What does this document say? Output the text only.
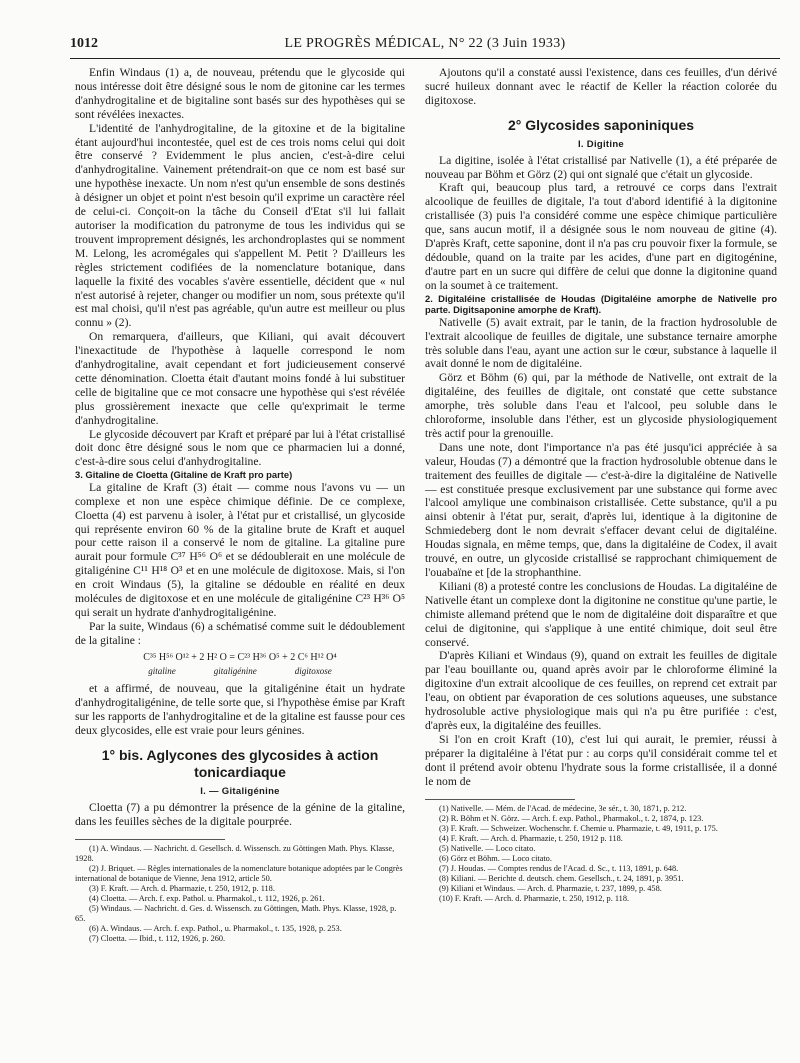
1012	LE PROGRÈS MÉDICAL, N° 22 (3 Juin 1933)

Enfin Windaus (1) a, de nouveau, prétendu que le glycoside qui nous intéresse doit être désigné sous le nom de gitonine car les termes d'anhydrogitaline et de bigitaline sont basés sur des hypothèses qui se sont révélées inexactes.

L'identité de l'anhydrogitaline, de la gitoxine et de la bigitaline étant aujourd'hui incontestée, quel est de ces trois noms celui qui doit être conservé ? Evidemment le plus ancien, c'est-à-dire celui d'anhydrogitaline. Vainement prétendrait-on que ce nom est basé sur une hypothèse inexacte. Un nom n'est qu'un ensemble de sons destinés à désigner un objet et point n'est besoin qu'il exprime un caractère réel de celui-ci. Conçoit-on la tâche du Conseil d'Etat s'il lui fallait autoriser la modification du patronyme de tous les individus qui se trouvent improprement désignés, les archondroplastes qui se nomment M. Lelong, les acromégales qui s'appellent M. Petit ? D'ailleurs les règles strictement codifiées de la nomenclature botanique, dans laquelle la fixité des vocables s'avère essentielle, décident que « nul n'est autorisé à rejeter, changer ou modifier un nom, sous prétexte qu'il est mal choisi, qu'il n'est pas agréable, qu'un autre est meilleur ou plus connu » (2).

On remarquera, d'ailleurs, que Kiliani, qui avait découvert l'inexactitude de l'hypothèse à laquelle correspond le nom d'anhydrogitaline, avait cependant et fort judicieusement conservé cette dénomination. Cloetta était d'autant moins fondé à lui substituer celle de bigitaline que ce mot consacre une hypothèse qui s'est révélée plus grossièrement inexacte que celle qu'exprimait le terme d'anhydrogitaline.

Le glycoside découvert par Kraft et préparé par lui à l'état cristallisé doit donc être désigné sous le nom que ce pharmacien lui a donné, c'est-à-dire sous celui d'anhydrogitaline.

3. Gitaline de Cloetta (Gitaline de Kraft pro parte)

La gitaline de Kraft (3) était — comme nous l'avons vu — un complexe et non une espèce chimique définie. De ce complexe, Cloetta (4) est parvenu à isoler, à l'état pur et cristallisé, un glycoside qui représente environ 60 % de la gitaline brute de Kraft et auquel pour cette raison il a conservé le nom de gitaline. La gitaline pure aurait pour formule C³⁷ H⁵⁶ O⁶ et se dédoublerait en une molécule de gitaligénine C¹¹ H¹⁸ O³ et en une molécule de digitoxose. Mais, si l'on en croit Windaus (5), la gitaline se dédouble en réalité en deux molécules de digitoxose et en une molécule de gitaligénine C²³ H³⁶ O⁵ qui serait un hydrate d'anhydrogitaligénine.

Par la suite, Windaus (6) a schématisé comme suit le dédoublement de la gitaline :

C³⁵ H⁵⁶ O¹² + 2 H² O = C²³ H³⁶ O⁵ + 2 C⁶ H¹² O⁴
gitaline	gitaligénine	digitoxose

et a affirmé, de nouveau, que la gitaligénine était un hydrate d'anhydrogitaligénine, de telle sorte que, si l'hypothèse émise par Kraft sur les rapports de l'anhydrogitaline et de la gitaline est fausse pour ces deux glycosides, elle est vraie pour leurs génines.

1° bis. Aglycones des glycosides à action tonicardiaque
I. — Gitaligénine

Cloetta (7) a pu démontrer la présence de la génine de la gitaline, dans les feuilles sèches de la digitale pourprée.

(1) A. Windaus. — Nachricht. d. Gesellsch. d. Wissensch. zu Göttingen Math. Phys. Klasse, 1928.

(2) J. Briquet. — Règles internationales de la nomenclature botanique adoptées par le Congrès international de botanique de Vienne, Jena 1912, article 50.

(3) F. Kraft. — Arch. d. Pharmazie, t. 250, 1912, p. 118.

(4) Cloetta. — Arch. f. exp. Pathol. u. Pharmakol., t. 112, 1926, p. 261.

(5) Windaus. — Nachricht. d. Ges. d. Wissensch. zu Göttingen, Math. Phys. Klasse, 1928, p. 65.

(6) A. Windaus. — Arch. f. exp. Pathol., u. Pharmakol., t. 135, 1928, p. 253.

(7) Cloetta. — Ibid., t. 112, 1926, p. 260.

Ajoutons qu'il a constaté aussi l'existence, dans ces feuilles, d'un dérivé sucré huileux donnant avec le réactif de Keller la réaction colorée du digitoxose.

2° Glycosides saponiniques
I. Digitine

La digitine, isolée à l'état cristallisé par Nativelle (1), a été préparée de nouveau par Böhm et Görz (2) qui ont signalé que c'était un glycoside.

Kraft qui, beaucoup plus tard, a retrouvé ce corps dans l'extrait alcoolique de feuilles de digitale, l'a tout d'abord identifié à la digitonine cristallisée (3) puis l'a considéré comme une espèce chimique particulière que, sans aucun motif, il a désignée sous le nom nouveau de gitine (4). D'après Kraft, cette saponine, dont il n'a pas cru pouvoir fixer la formule, se dédouble, quand on la traite par les acides, d'une part en digitogénine, d'autre part en un sucre qui diffère de celui que donne la digitonine quand on la soumet à ce traitement.

2. Digitaléine cristallisée de Houdas (Digitaléine amorphe de Nativelle pro parte. Digitsaponine amorphe de Kraft).

Nativelle (5) avait extrait, par le tanin, de la fraction hydrosoluble de l'extrait alcoolique de feuilles de digitale, une substance ternaire amorphe très soluble dans l'eau, ayant une action sur le cœur, substance à laquelle il avait donné le nom de digitaléine.

Görz et Böhm (6) qui, par la méthode de Nativelle, ont extrait de la digitaléine, des feuilles de digitale, ont constaté que cette substance amorphe, très soluble dans l'eau et l'alcool, peu soluble dans le chloroforme, insoluble dans l'éther, est un glycoside physiologiquement très actif pour la grenouille.

Dans une note, dont l'importance n'a pas été jusqu'ici appréciée à sa valeur, Houdas (7) a démontré que la fraction hydrosoluble obtenue dans le traitement des feuilles de digitale — c'est-à-dire la digitaléine de Nativelle — est constituée presque exclusivement par une substance qui forme avec l'alcool amylique une combinaison cristallisée. Cette substance, qu'il a pu ainsi obtenir à l'état pur, serait, d'après lui, identique à la digitonine de Schmiedeberg dont le nom devrait s'effacer devant celui de digitaléine. Houdas signala, en même temps, que, dans la digitaléine de Codex, il avait trouvé, en outre, un glycoside cristallisé se rapprochant chimiquement de l'ouabaïne et [de la strophanthine.

Kiliani (8) a protesté contre les conclusions de Houdas. La digitaléine de Nativelle étant un complexe dont la digitonine ne constitue qu'une partie, le chimiste allemand prétend que le nom de digitaléine doit disparaître et que celui de digitonine, qui s'applique à une entité chimique, doit seul être conservé.

D'après Kiliani et Windaus (9), quand on extrait les feuilles de digitale par l'eau bouillante ou, quand après avoir par le chloroforme éliminé la digitoxine d'un extrait alcoolique de ces feuilles, on reprend cet extrait par l'eau, on obtient par évaporation de ces solutions aqueuses, une substance hydrosoluble active physiologique mais qui n'a pu être purifiée : c'est, d'après eux, la digitaléine des feuilles.

Si l'on en croit Kraft (10), c'est lui qui aurait, le premier, réussi à préparer la digitaléine à l'état pur : au corps qu'il considérait comme tel et dont il prétend avoir obtenu l'hydrate sous la forme cristallisée, il a donné le nom de

(1) Nativelle. — Mém. de l'Acad. de médecine, 3e sér., t. 30, 1871, p. 212.

(2) R. Böhm et N. Görz. — Arch. f. exp. Pathol., Pharmakol., t. 2, 1874, p. 123.

(3) F. Kraft. — Schweizer. Wochenschr. f. Chemie u. Pharmazie, t. 49, 1911, p. 175.

(4) F. Kraft. — Arch. d. Pharmazie, t. 250, 1912 p. 118.

(5) Nativelle. — Loco citato.

(6) Görz et Böhm. — Loco citato.

(7) J. Houdas. — Comptes rendus de l'Acad. d. Sc., t. 113, 1891, p. 648.

(8) Kiliani. — Berichte d. deutsch. chem. Gesellsch., t. 24, 1891, p. 3951.

(9) Kiliani et Windaus. — Arch. d. Pharmazie, t. 237, 1899, p. 458.

(10) F. Kraft. — Arch. d. Pharmazie, t. 250, 1912, p. 118.
